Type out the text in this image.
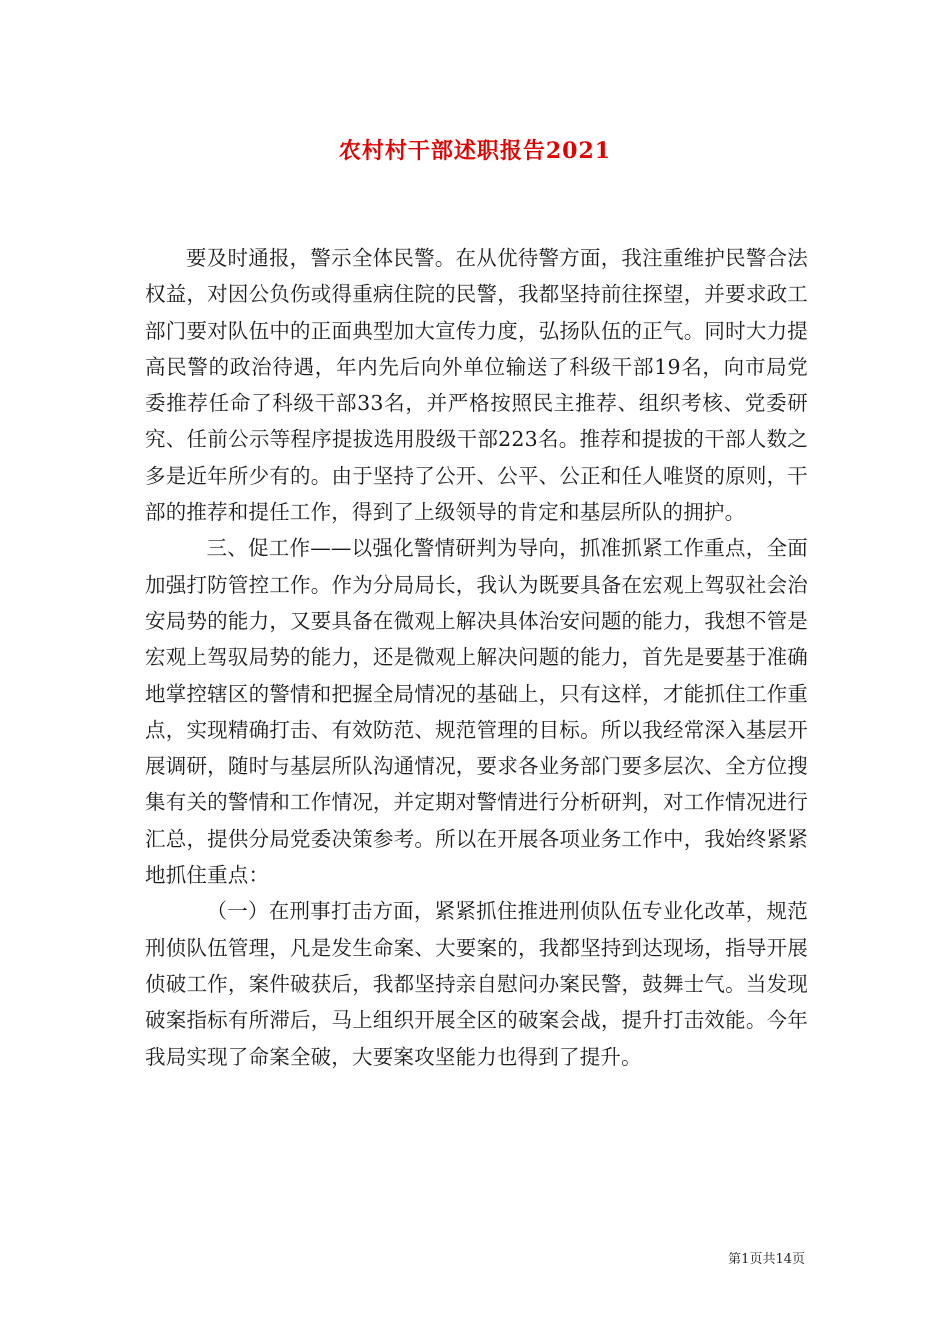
农村村干部述职报告2021

要及时通报，警示全体民警。在从优待警方面，我注重维护民警合法权益，对因公负伤或得重病住院的民警，我都坚持前往探望，并要求政工部门要对队伍中的正面典型加大宣传力度，弘扬队伍的正气。同时大力提高民警的政治待遇，年内先后向外单位输送了科级干部19名，向市局党委推荐任命了科级干部33名，并严格按照民主推荐、组织考核、党委研究、任前公示等程序提拔选用股级干部223名。推荐和提拔的干部人数之多是近年所少有的。由于坚持了公开、公平、公正和任人唯贤的原则，干部的推荐和提任工作，得到了上级领导的肯定和基层所队的拥护。

三、促工作——以强化警情研判为导向，抓准抓紧工作重点，全面加强打防管控工作。作为分局局长，我认为既要具备在宏观上驾驭社会治安局势的能力，又要具备在微观上解决具体治安问题的能力，我想不管是宏观上驾驭局势的能力，还是微观上解决问题的能力，首先是要基于准确地掌控辖区的警情和把握全局情况的基础上，只有这样，才能抓住工作重点，实现精确打击、有效防范、规范管理的目标。所以我经常深入基层开展调研，随时与基层所队沟通情况，要求各业务部门要多层次、全方位搜集有关的警情和工作情况，并定期对警情进行分析研判，对工作情况进行汇总，提供分局党委决策参考。所以在开展各项业务工作中，我始终紧紧地抓住重点：

（一）在刑事打击方面，紧紧抓住推进刑侦队伍专业化改革，规范刑侦队伍管理，凡是发生命案、大要案的，我都坚持到达现场，指导开展侦破工作，案件破获后，我都坚持亲自慰问办案民警，鼓舞士气。当发现破案指标有所滞后，马上组织开展全区的破案会战，提升打击效能。今年我局实现了命案全破，大要案攻坚能力也得到了提升。

第1页共14页
